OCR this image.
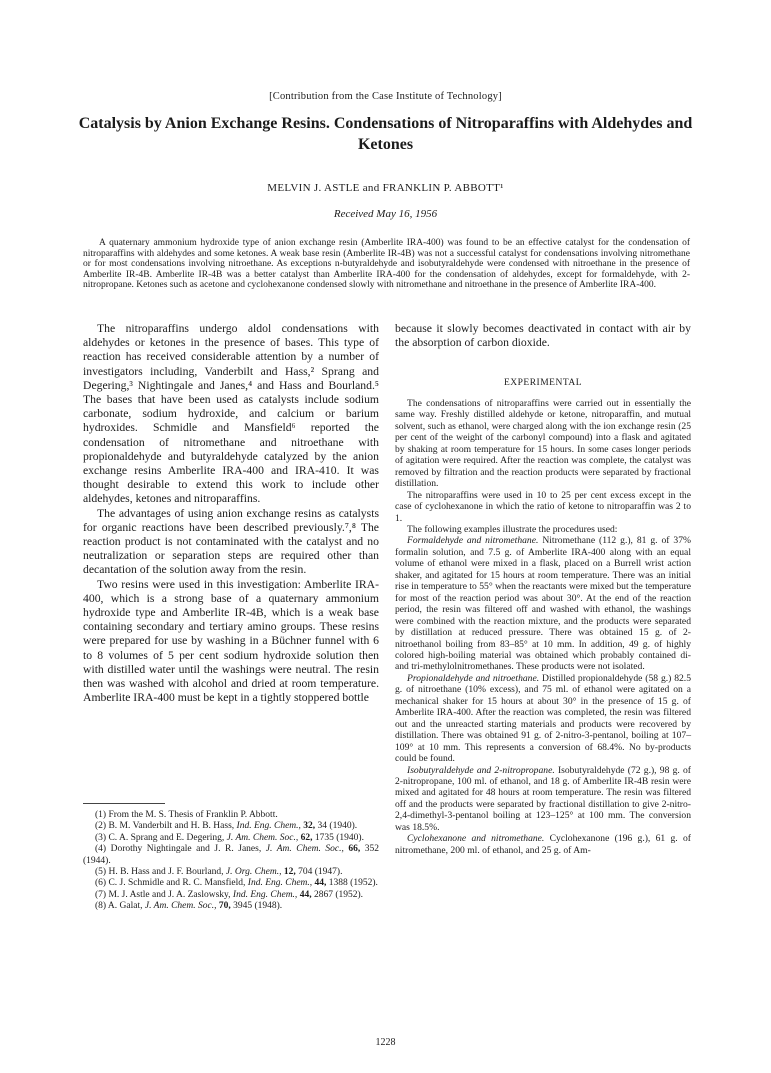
[Contribution from the Case Institute of Technology]
Catalysis by Anion Exchange Resins. Condensations of Nitroparaffins with Aldehydes and Ketones
MELVIN J. ASTLE and FRANKLIN P. ABBOTT¹
Received May 16, 1956

A quaternary ammonium hydroxide type of anion exchange resin (Amberlite IRA-400) was found to be an effective catalyst for the condensation of nitroparaffins with aldehydes and some ketones. A weak base resin (Amberlite IR-4B) was not a successful catalyst for condensations involving nitromethane or for most condensations involving nitroethane. As exceptions n-butyraldehyde and isobutyraldehyde were condensed with nitroethane in the presence of Amberlite IR-4B. Amberlite IR-4B was a better catalyst than Amberlite IRA-400 for the condensation of aldehydes, except for formaldehyde, with 2-nitropropane. Ketones such as acetone and cyclohexanone condensed slowly with nitromethane and nitroethane in the presence of Amberlite IRA-400.

The nitroparaffins undergo aldol condensations with aldehydes or ketones in the presence of bases. This type of reaction has received considerable attention by a number of investigators including, Vanderbilt and Hass,² Sprang and Degering,³ Nightingale and Janes,⁴ and Hass and Bourland.⁵ The bases that have been used as catalysts include sodium carbonate, sodium hydroxide, and calcium or barium hydroxides. Schmidle and Mansfield⁶ reported the condensation of nitromethane and nitroethane with propionaldehyde and butyraldehyde catalyzed by the anion exchange resins Amberlite IRA-400 and IRA-410. It was thought desirable to extend this work to include other aldehydes, ketones and nitroparaffins.

The advantages of using anion exchange resins as catalysts for organic reactions have been described previously.⁷,⁸ The reaction product is not contaminated with the catalyst and no neutralization or separation steps are required other than decantation of the solution away from the resin.

Two resins were used in this investigation: Amberlite IRA-400, which is a strong base of a quaternary ammonium hydroxide type and Amberlite IR-4B, which is a weak base containing secondary and tertiary amino groups. These resins were prepared for use by washing in a Büchner funnel with 6 to 8 volumes of 5 per cent sodium hydroxide solution then with distilled water until the washings were neutral. The resin then was washed with alcohol and dried at room temperature. Amberlite IRA-400 must be kept in a tightly stoppered bottle

because it slowly becomes deactivated in contact with air by the absorption of carbon dioxide.

EXPERIMENTAL

The condensations of nitroparaffins were carried out in essentially the same way. Freshly distilled aldehyde or ketone, nitroparaffin, and mutual solvent, such as ethanol, were charged along with the ion exchange resin (25 per cent of the weight of the carbonyl compound) into a flask and agitated by shaking at room temperature for 15 hours. In some cases longer periods of agitation were required. After the reaction was complete, the catalyst was removed by filtration and the reaction products were separated by fractional distillation.

The nitroparaffins were used in 10 to 25 per cent excess except in the case of cyclohexanone in which the ratio of ketone to nitroparaffin was 2 to 1.

The following examples illustrate the procedures used:

Formaldehyde and nitromethane. Nitromethane (112 g.), 81 g. of 37% formalin solution, and 7.5 g. of Amberlite IRA-400 along with an equal volume of ethanol were mixed in a flask, placed on a Burrell wrist action shaker, and agitated for 15 hours at room temperature. There was an initial rise in temperature to 55° when the reactants were mixed but the temperature for most of the reaction period was about 30°. At the end of the reaction period, the resin was filtered off and washed with ethanol, the washings were combined with the reaction mixture, and the products were separated by distillation at reduced pressure. There was obtained 15 g. of 2-nitroethanol boiling from 83–85° at 10 mm. In addition, 49 g. of highly colored high-boiling material was obtained which probably contained di- and tri-methylolnitromethanes. These products were not isolated.

Propionaldehyde and nitroethane. Distilled propionaldehyde (58 g.) 82.5 g. of nitroethane (10% excess), and 75 ml. of ethanol were agitated on a mechanical shaker for 15 hours at about 30° in the presence of 15 g. of Amberlite IRA-400. After the reaction was completed, the resin was filtered out and the unreacted starting materials and products were recovered by distillation. There was obtained 91 g. of 2-nitro-3-pentanol, boiling at 107–109° at 10 mm. This represents a conversion of 68.4%. No by-products could be found.

Isobutyraldehyde and 2-nitropropane. Isobutyraldehyde (72 g.), 98 g. of 2-nitropropane, 100 ml. of ethanol, and 18 g. of Amberlite IR-4B resin were mixed and agitated for 48 hours at room temperature. The resin was filtered off and the products were separated by fractional distillation to give 2-nitro-2,4-dimethyl-3-pentanol boiling at 123–125° at 100 mm. The conversion was 18.5%.

Cyclohexanone and nitromethane. Cyclohexanone (196 g.), 61 g. of nitromethane, 200 ml. of ethanol, and 25 g. of Am-

(1) From the M. S. Thesis of Franklin P. Abbott.

(2) B. M. Vanderbilt and H. B. Hass, Ind. Eng. Chem., 32, 34 (1940).

(3) C. A. Sprang and E. Degering, J. Am. Chem. Soc., 62, 1735 (1940).

(4) Dorothy Nightingale and J. R. Janes, J. Am. Chem. Soc., 66, 352 (1944).

(5) H. B. Hass and J. F. Bourland, J. Org. Chem., 12, 704 (1947).

(6) C. J. Schmidle and R. C. Mansfield, Ind. Eng. Chem., 44, 1388 (1952).

(7) M. J. Astle and J. A. Zaslowsky, Ind. Eng. Chem., 44, 2867 (1952).

(8) A. Galat, J. Am. Chem. Soc., 70, 3945 (1948).

1228
